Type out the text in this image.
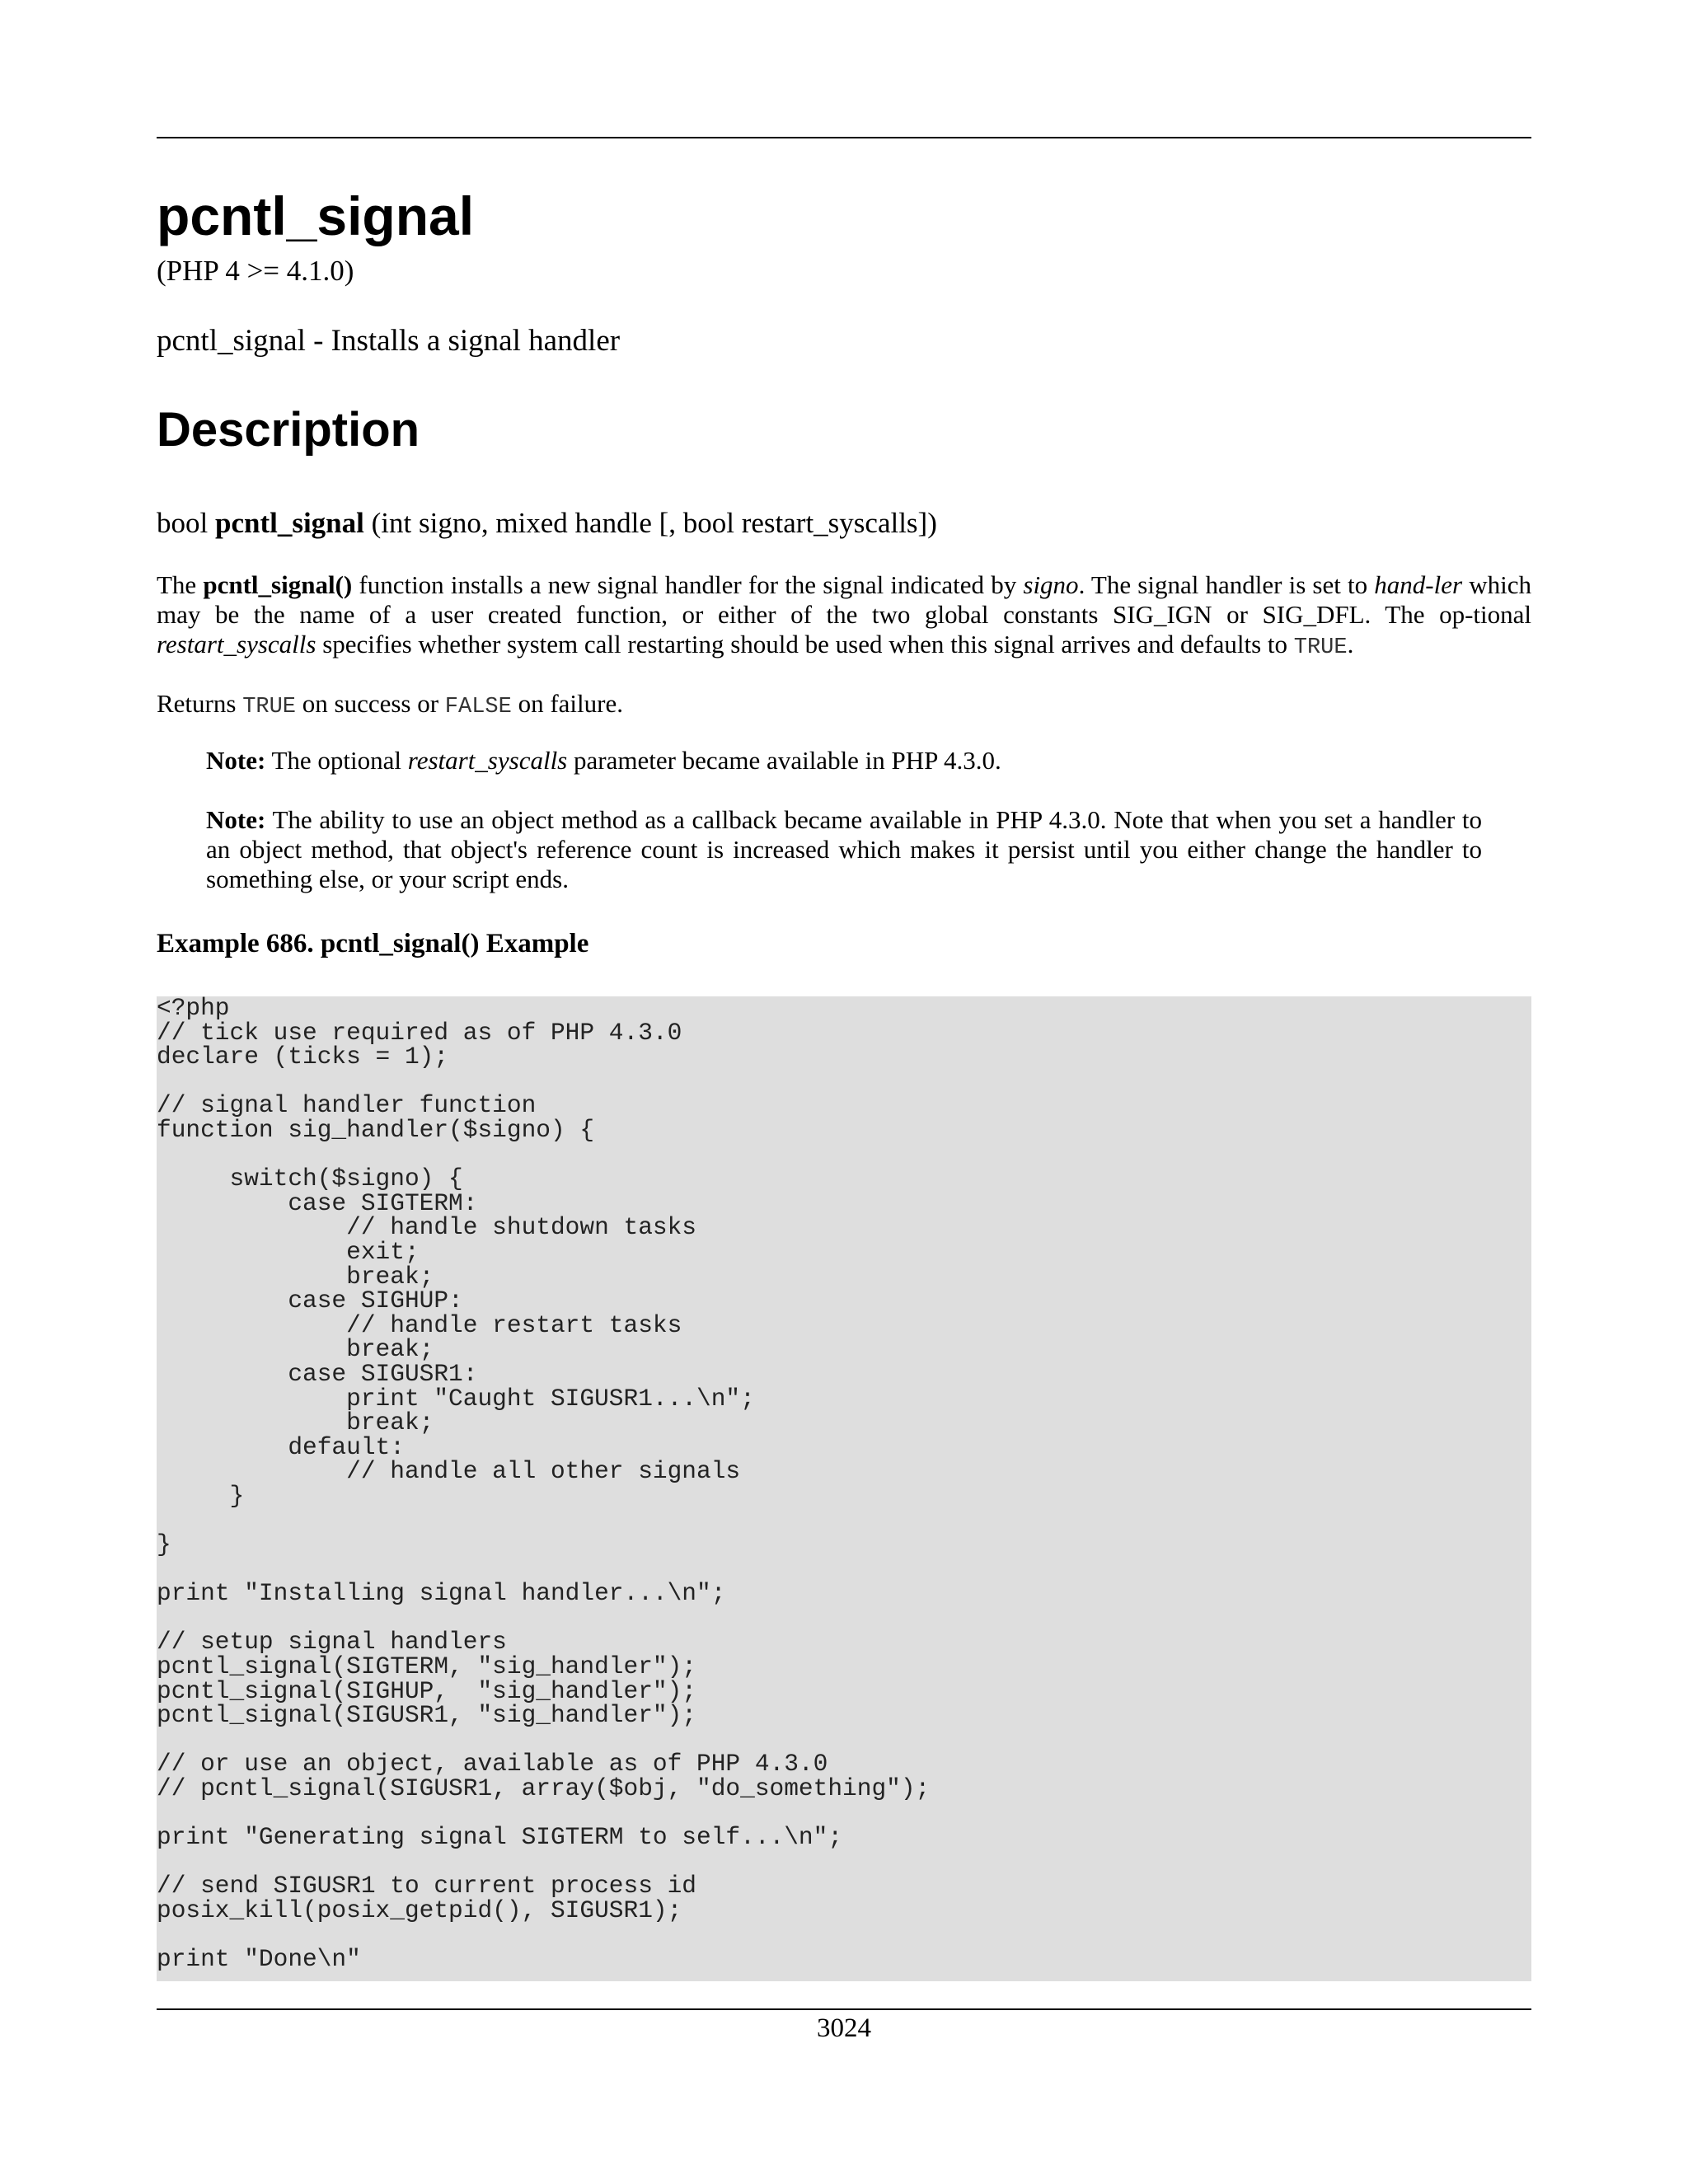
pcntl_signal
(PHP 4 >= 4.1.0)
pcntl_signal - Installs a signal handler
Description
bool pcntl_signal (int signo, mixed handle [, bool restart_syscalls])
The pcntl_signal() function installs a new signal handler for the signal indicated by signo. The signal handler is set to hand-ler which may be the name of a user created function, or either of the two global constants SIG_IGN or SIG_DFL. The op-tional restart_syscalls specifies whether system call restarting should be used when this signal arrives and defaults to TRUE.
Returns TRUE on success or FALSE on failure.
Note: The optional restart_syscalls parameter became available in PHP 4.3.0.
Note: The ability to use an object method as a callback became available in PHP 4.3.0. Note that when you set a handler to an object method, that object's reference count is increased which makes it persist until you either change the handler to something else, or your script ends.
Example 686. pcntl_signal() Example
<?php
// tick use required as of PHP 4.3.0
declare (ticks = 1);

// signal handler function
function sig_handler($signo) {

switch($signo) {
case SIGTERM:
// handle shutdown tasks
exit;
break;
case SIGHUP:
// handle restart tasks
break;
case SIGUSR1:
print "Caught SIGUSR1...\n";
break;
default:
// handle all other signals
}

}

print "Installing signal handler...\n";

// setup signal handlers
pcntl_signal(SIGTERM, "sig_handler");
pcntl_signal(SIGHUP,  "sig_handler");
pcntl_signal(SIGUSR1, "sig_handler");

// or use an object, available as of PHP 4.3.0
// pcntl_signal(SIGUSR1, array($obj, "do_something");

print "Generating signal SIGTERM to self...\n";

// send SIGUSR1 to current process id
posix_kill(posix_getpid(), SIGUSR1);

print "Done\n"
3024
